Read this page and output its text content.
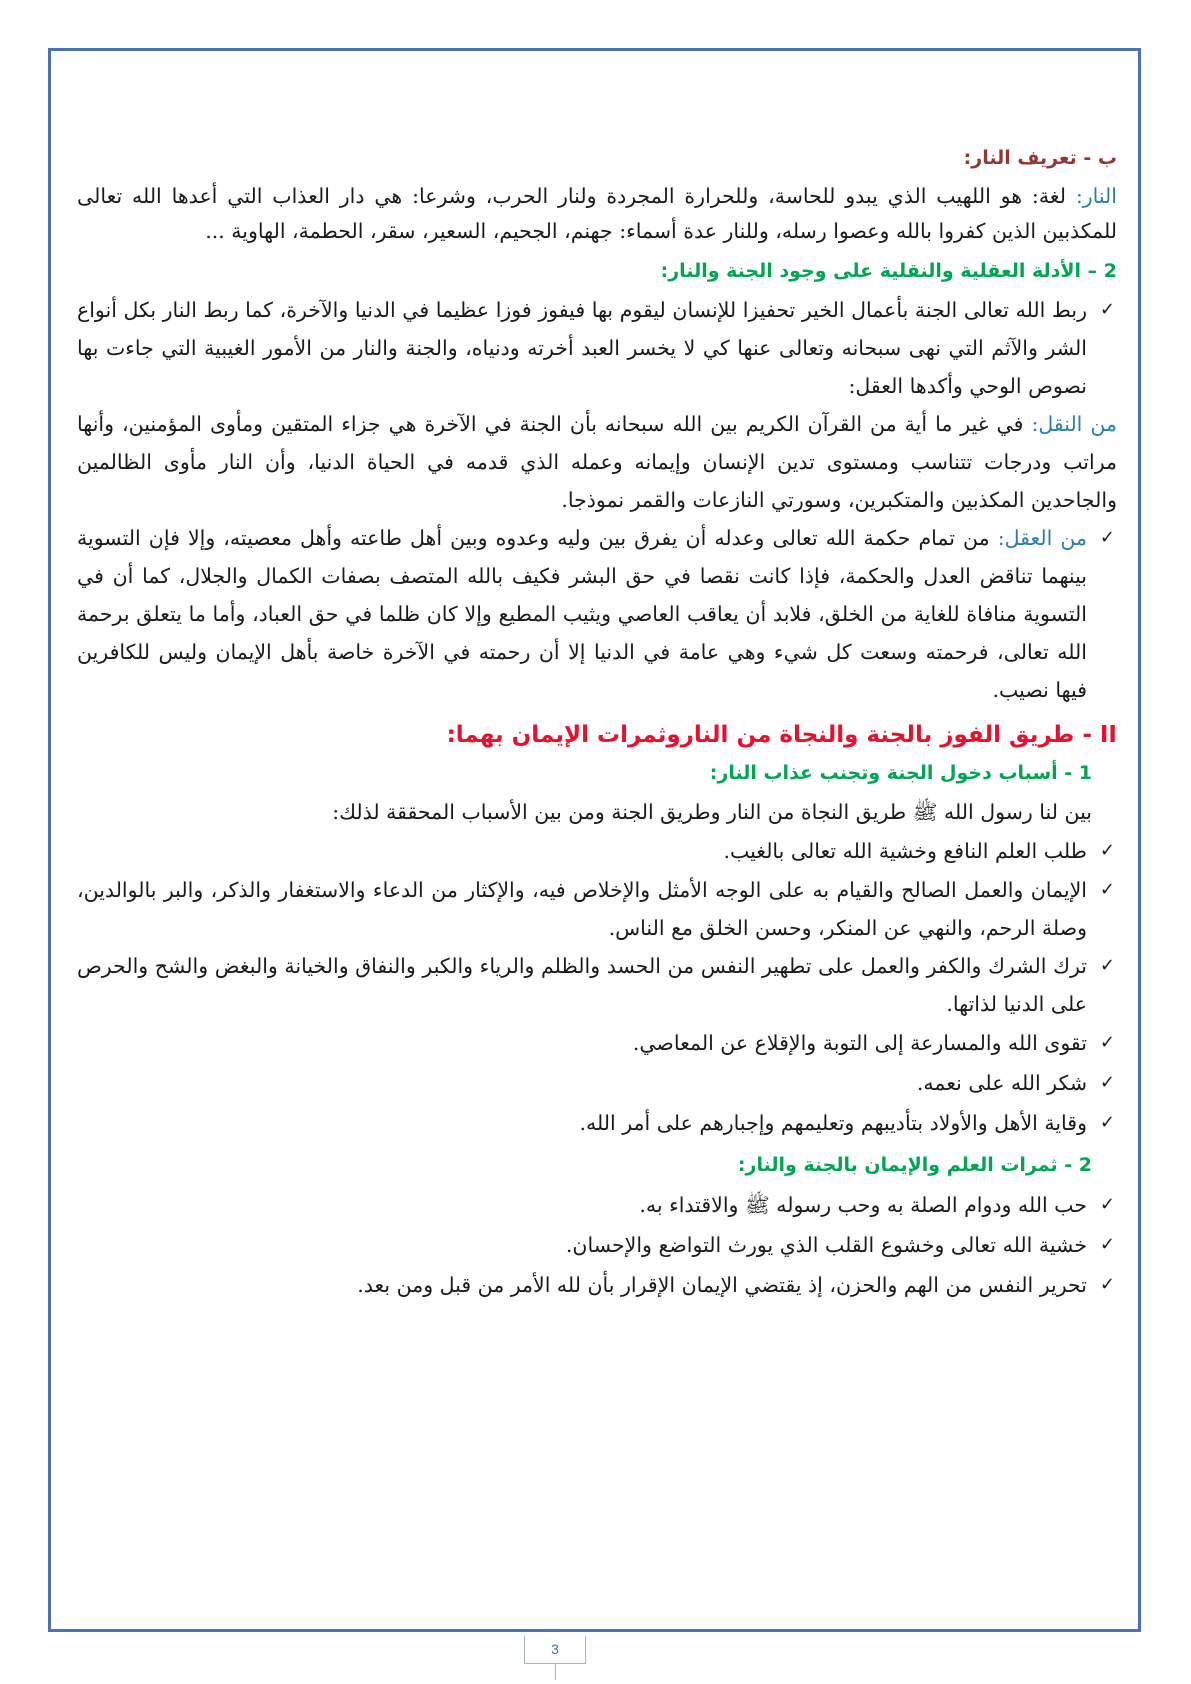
ب - تعريف النار:

النار: لغة: هو اللهيب الذي يبدو للحاسة، وللحرارة المجردة ولنار الحرب، وشرعا: هي دار العذاب التي أعدها الله تعالى للمكذبين الذين كفروا بالله وعصوا رسله، وللنار عدة أسماء: جهنم، الجحيم، السعير، سقر، الحطمة، الهاوية ...

2 – الأدلة العقلية والنقلية على وجود الجنة والنار:
✓
ربط الله تعالى الجنة بأعمال الخير تحفيزا للإنسان ليقوم بها فيفوز فوزا عظيما في الدنيا والآخرة، كما ربط النار بكل أنواع الشر والآثم التي نهى سبحانه وتعالى عنها كي لا يخسر العبد أخرته ودنياه، والجنة والنار من الأمور الغيبية التي جاءت بها نصوص الوحي وأكدها العقل:

من النقل: في غير ما أية من القرآن الكريم بين الله سبحانه بأن الجنة في الآخرة هي جزاء المتقين ومأوى المؤمنين، وأنها مراتب ودرجات تتناسب ومستوى تدين الإنسان وإيمانه وعمله الذي قدمه في الحياة الدنيا، وأن النار مأوى الظالمين والجاحدين المكذبين والمتكبرين، وسورتي النازعات والقمر نموذجا.

✓
من العقل: من تمام حكمة الله تعالى وعدله أن يفرق بين وليه وعدوه وبين أهل طاعته وأهل معصيته، وإلا فإن التسوية بينهما تناقض العدل والحكمة، فإذا كانت نقصا في حق البشر فكيف بالله المتصف بصفات الكمال والجلال، كما أن في التسوية منافاة للغاية من الخلق، فلابد أن يعاقب العاصي ويثيب المطيع وإلا كان ظلما في حق العباد، وأما ما يتعلق برحمة الله تعالى، فرحمته وسعت كل شيء وهي عامة في الدنيا إلا أن رحمته في الآخرة خاصة بأهل الإيمان وليس للكافرين فيها نصيب.
II - طريق الفوز بالجنة والنجاة من الناروثمرات الإيمان بهما:
1 - أسباب دخول الجنة وتجنب عذاب النار:

بين لنا رسول الله ﷺ طريق النجاة من النار وطريق الجنة ومن بين الأسباب المحققة لذلك:

✓
طلب العلم النافع وخشية الله تعالى بالغيب.
✓
الإيمان والعمل الصالح والقيام به على الوجه الأمثل والإخلاص فيه، والإكثار من الدعاء والاستغفار والذكر، والبر بالوالدين، وصلة الرحم، والنهي عن المنكر، وحسن الخلق مع الناس.
✓
ترك الشرك والكفر والعمل على تطهير النفس من الحسد والظلم والرياء والكبر والنفاق والخيانة والبغض والشح والحرص على الدنيا لذاتها.
✓
تقوى الله والمسارعة إلى التوبة والإقلاع عن المعاصي.
✓
شكر الله على نعمه.
✓
وقاية الأهل والأولاد بتأديبهم وتعليمهم وإجبارهم على أمر الله.
2 - ثمرات العلم والإيمان بالجنة والنار:
✓
حب الله ودوام الصلة به وحب رسوله ﷺ والاقتداء به.
✓
خشية الله تعالى وخشوع القلب الذي يورث التواضع والإحسان.
✓
تحرير النفس من الهم والحزن، إذ يقتضي الإيمان الإقرار بأن لله الأمر من قبل ومن بعد.
3
